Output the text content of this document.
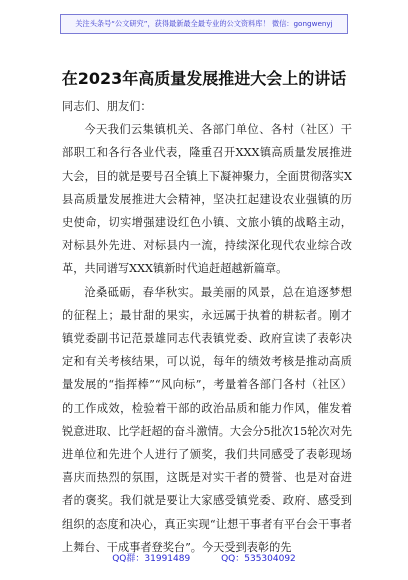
关注头条号“公文研究”，获得最新最全最专业的公文资料库！ 微信：gongwenyj
在2023年高质量发展推进大会上的讲话

同志们、朋友们：

今天我们云集镇机关、各部门单位、各村（社区）干部职工和各行各业代表，隆重召开XXX镇高质量发展推进大会，目的就是要号召全镇上下凝神聚力，全面贯彻落实X县高质量发展推进大会精神，坚决扛起建设农业强镇的历史使命，切实增强建设红色小镇、文旅小镇的战略主动，对标县外先进、对标县内一流，持续深化现代农业综合改革，共同谱写XXX镇新时代追赶超越新篇章。

沧桑砥砺，春华秋实。最美丽的风景，总在追逐梦想的征程上；最甘甜的果实，永远属于执着的耕耘者。刚才镇党委副书记范景雄同志代表镇党委、政府宣读了表彰决定和有关考核结果，可以说，每年的绩效考核是推动高质量发展的“指挥棒”“风向标”，考量着各部门各村（社区）的工作成效，检验着干部的政治品质和能力作风，催发着锐意进取、比学赶超的奋斗激情。大会分5批次15轮次对先进单位和先进个人进行了颁奖，我们共同感受了表彰现场喜庆而热烈的氛围，这既是对实干者的赞誉、也是对奋进者的褒奖。我们就是要让大家感受镇党委、政府、感受到组织的态度和决心，真正实现“让想干事者有平台会干事者上舞台、干成事者登奖台”。今天受到表彰的先

QQ群：31991489	QQ：535304092
